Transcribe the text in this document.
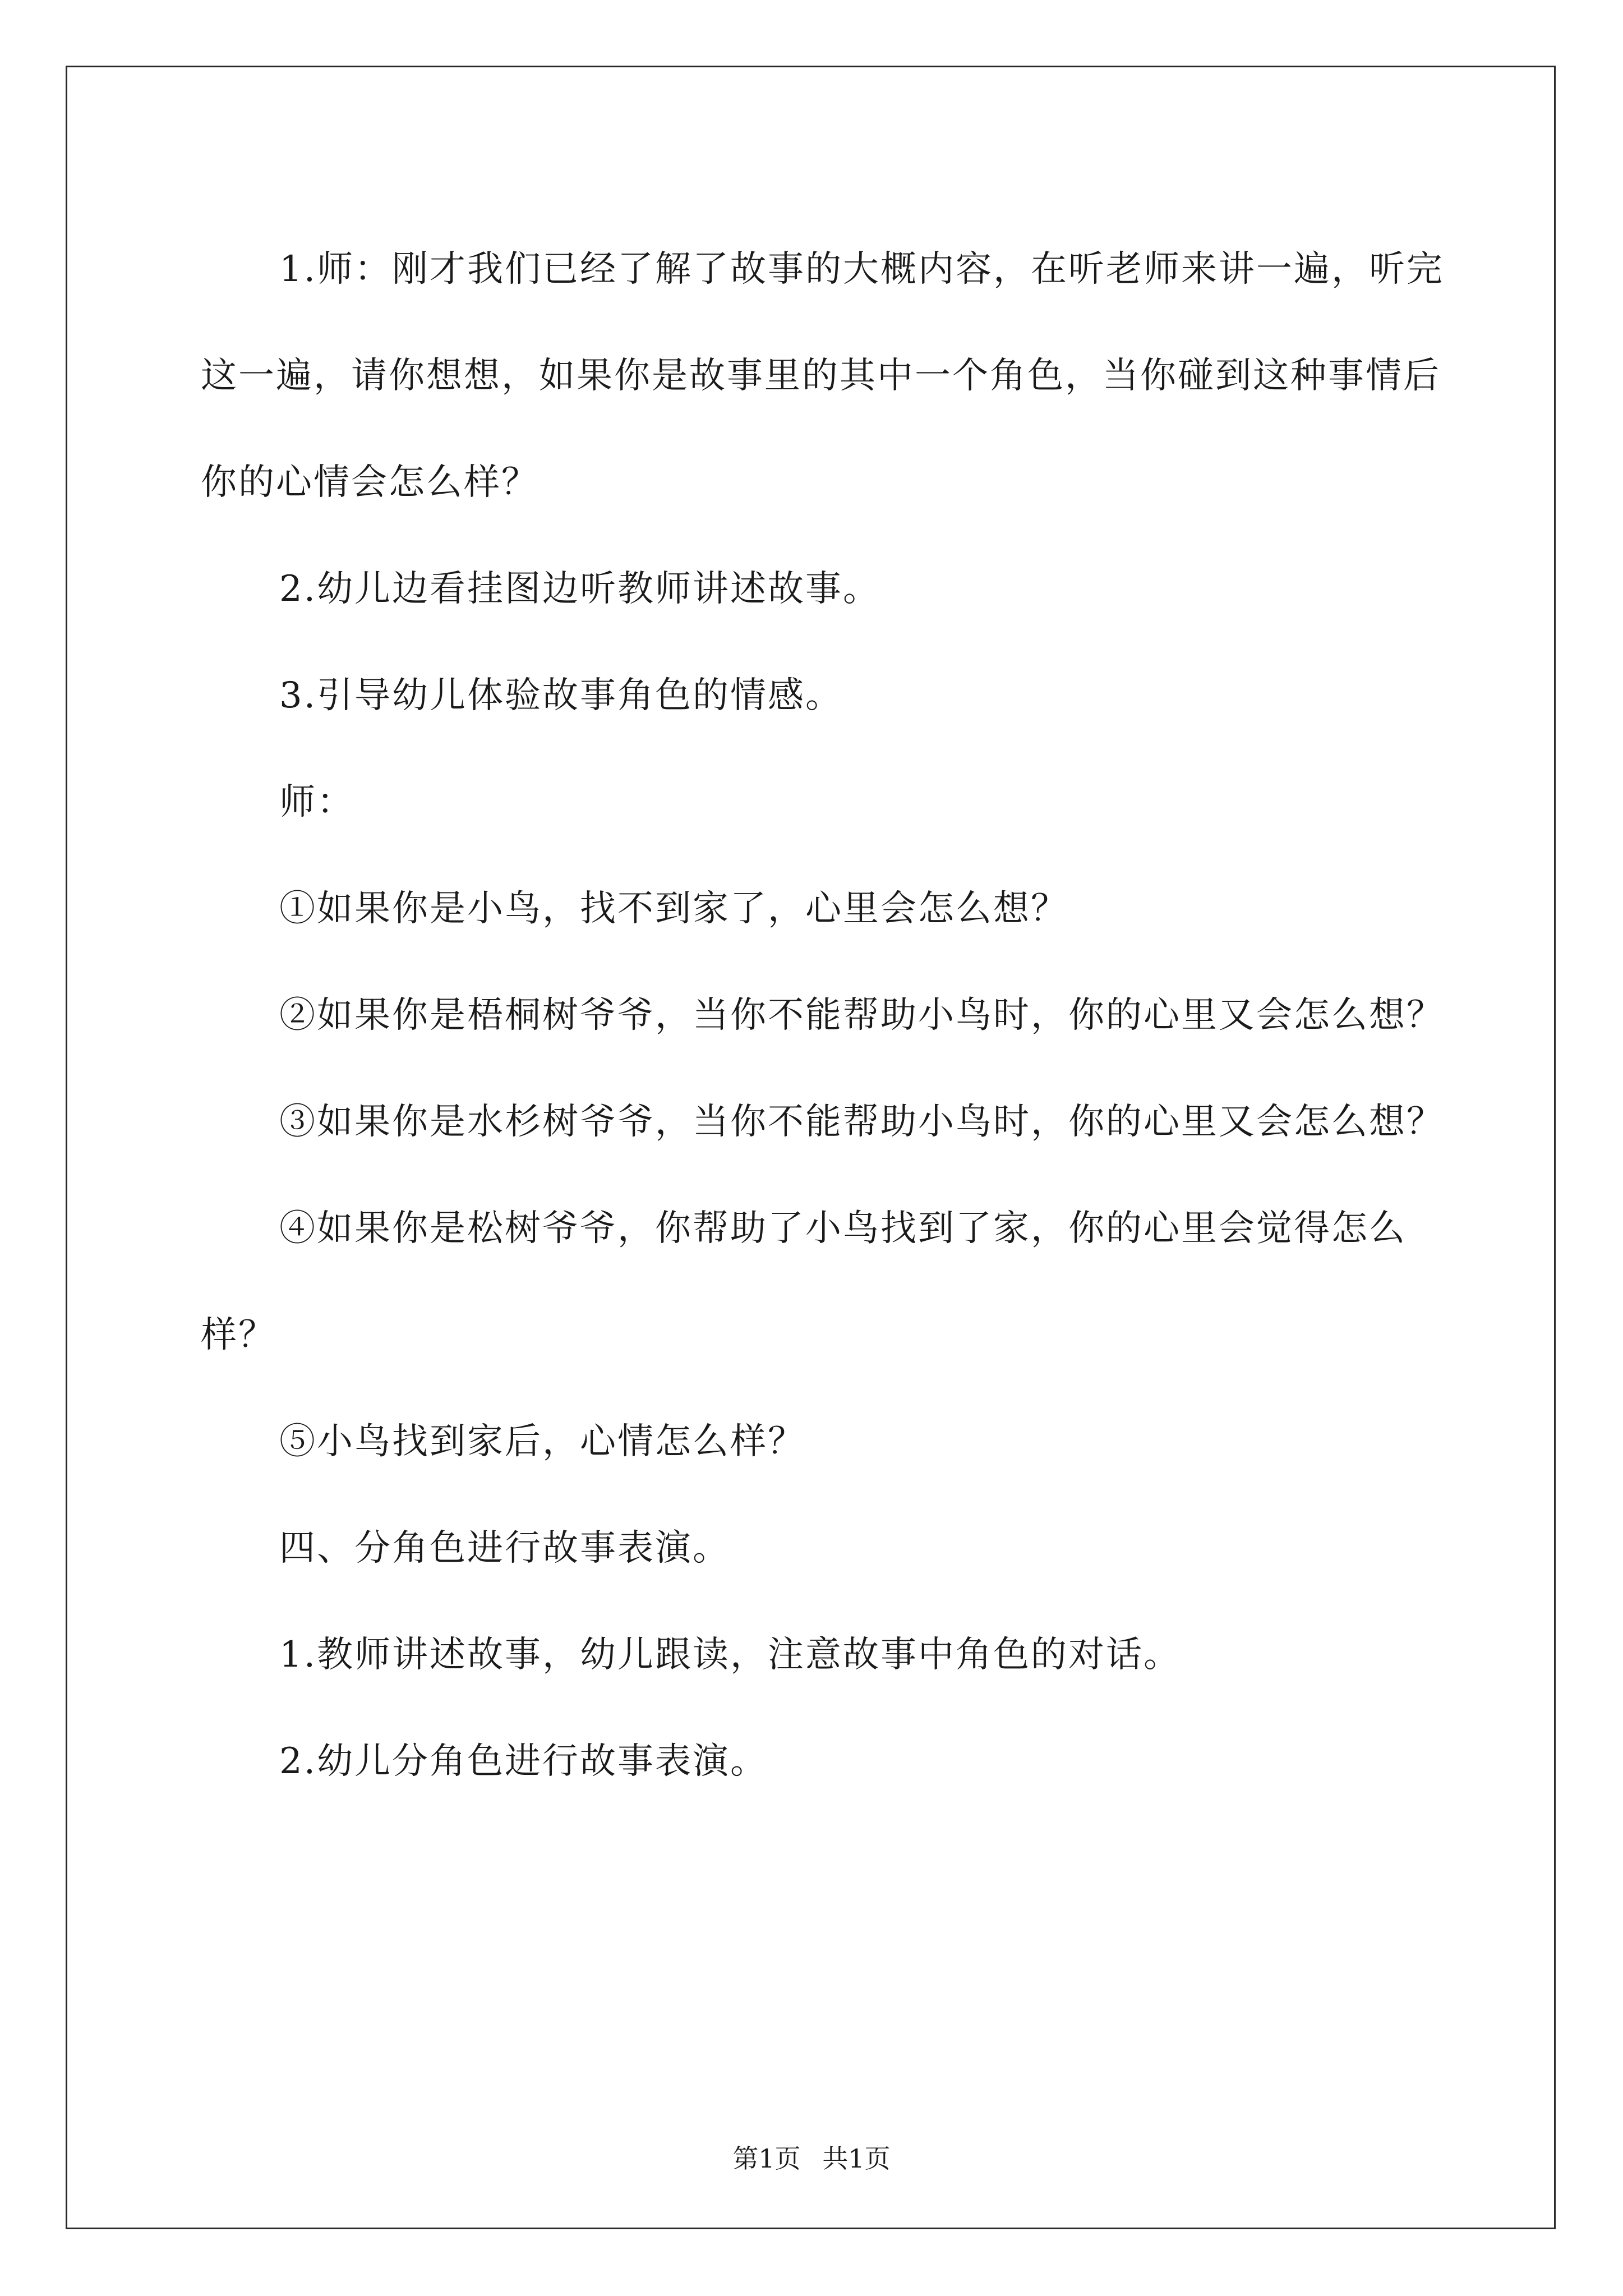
1.师：刚才我们已经了解了故事的大概内容，在听老师来讲一遍，听完这一遍，请你想想，如果你是故事里的其中一个角色，当你碰到这种事情后你的心情会怎么样？

2.幼儿边看挂图边听教师讲述故事。

3.引导幼儿体验故事角色的情感。

师：

①如果你是小鸟，找不到家了，心里会怎么想？

②如果你是梧桐树爷爷，当你不能帮助小鸟时，你的心里又会怎么想？

③如果你是水杉树爷爷，当你不能帮助小鸟时，你的心里又会怎么想？

④如果你是松树爷爷，你帮助了小鸟找到了家，你的心里会觉得怎么样？

⑤小鸟找到家后，心情怎么样？

四、分角色进行故事表演。

1.教师讲述故事，幼儿跟读，注意故事中角色的对话。

2.幼儿分角色进行故事表演。

第1页 共1页
